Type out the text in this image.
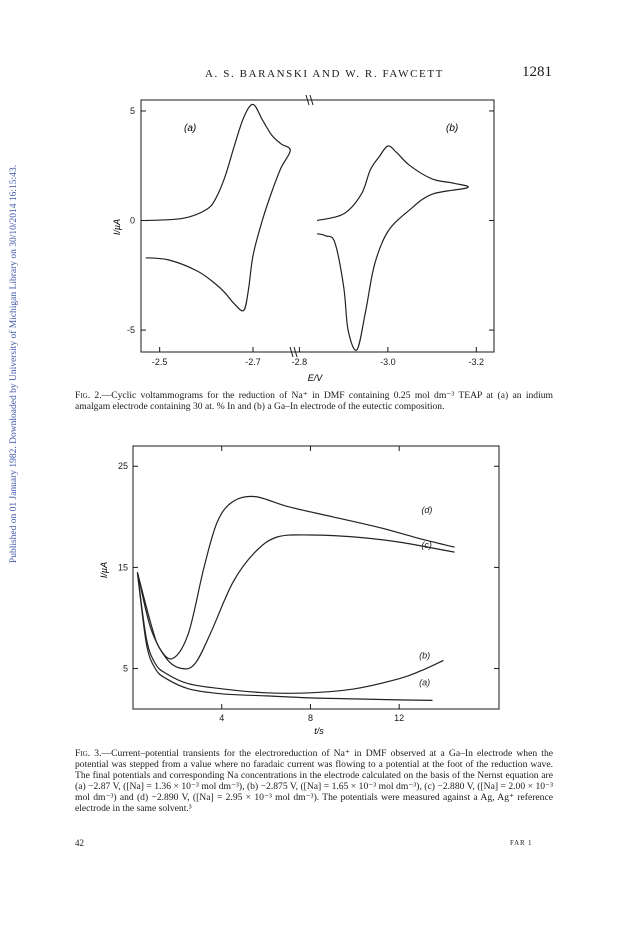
A. S. BARANSKI AND W. R. FAWCETT	1281
Published on 01 January 1982. Downloaded by University of Michigan Library on 30/10/2014 16:15:43.	-2.5	-2.7	-2.8	-3.0	-3.2
5
0
-5
(a)	(b)
I/µA
E/V
Fig. 2.—Cyclic voltammograms for the reduction of Na⁺ in DMF containing 0.25 mol dm⁻³ TEAP at (a) an indium amalgam electrode containing 30 at. % In and (b) a Ga–In electrode of the eutectic composition.
4	8	12
25
15
5
(d)
(c)
(b)
(a)
I/µA
t/s
Fig. 3.—Current–potential transients for the electroreduction of Na⁺ in DMF observed at a Ga–In electrode when the potential was stepped from a value where no faradaic current was flowing to a potential at the foot of the reduction wave. The final potentials and corresponding Na concentrations in the electrode calculated on the basis of the Nernst equation are (a) −2.87 V, ([Na] = 1.36 × 10⁻³ mol dm⁻³), (b) −2.875 V, ([Na] = 1.65 × 10⁻³ mol dm⁻³), (c) −2.880 V, ([Na] = 2.00 × 10⁻³ mol dm⁻³) and (d) −2.890 V, ([Na] = 2.95 × 10⁻³ mol dm⁻³). The potentials were measured against a Ag, Ag⁺ reference electrode in the same solvent.³
42	FAR 1
